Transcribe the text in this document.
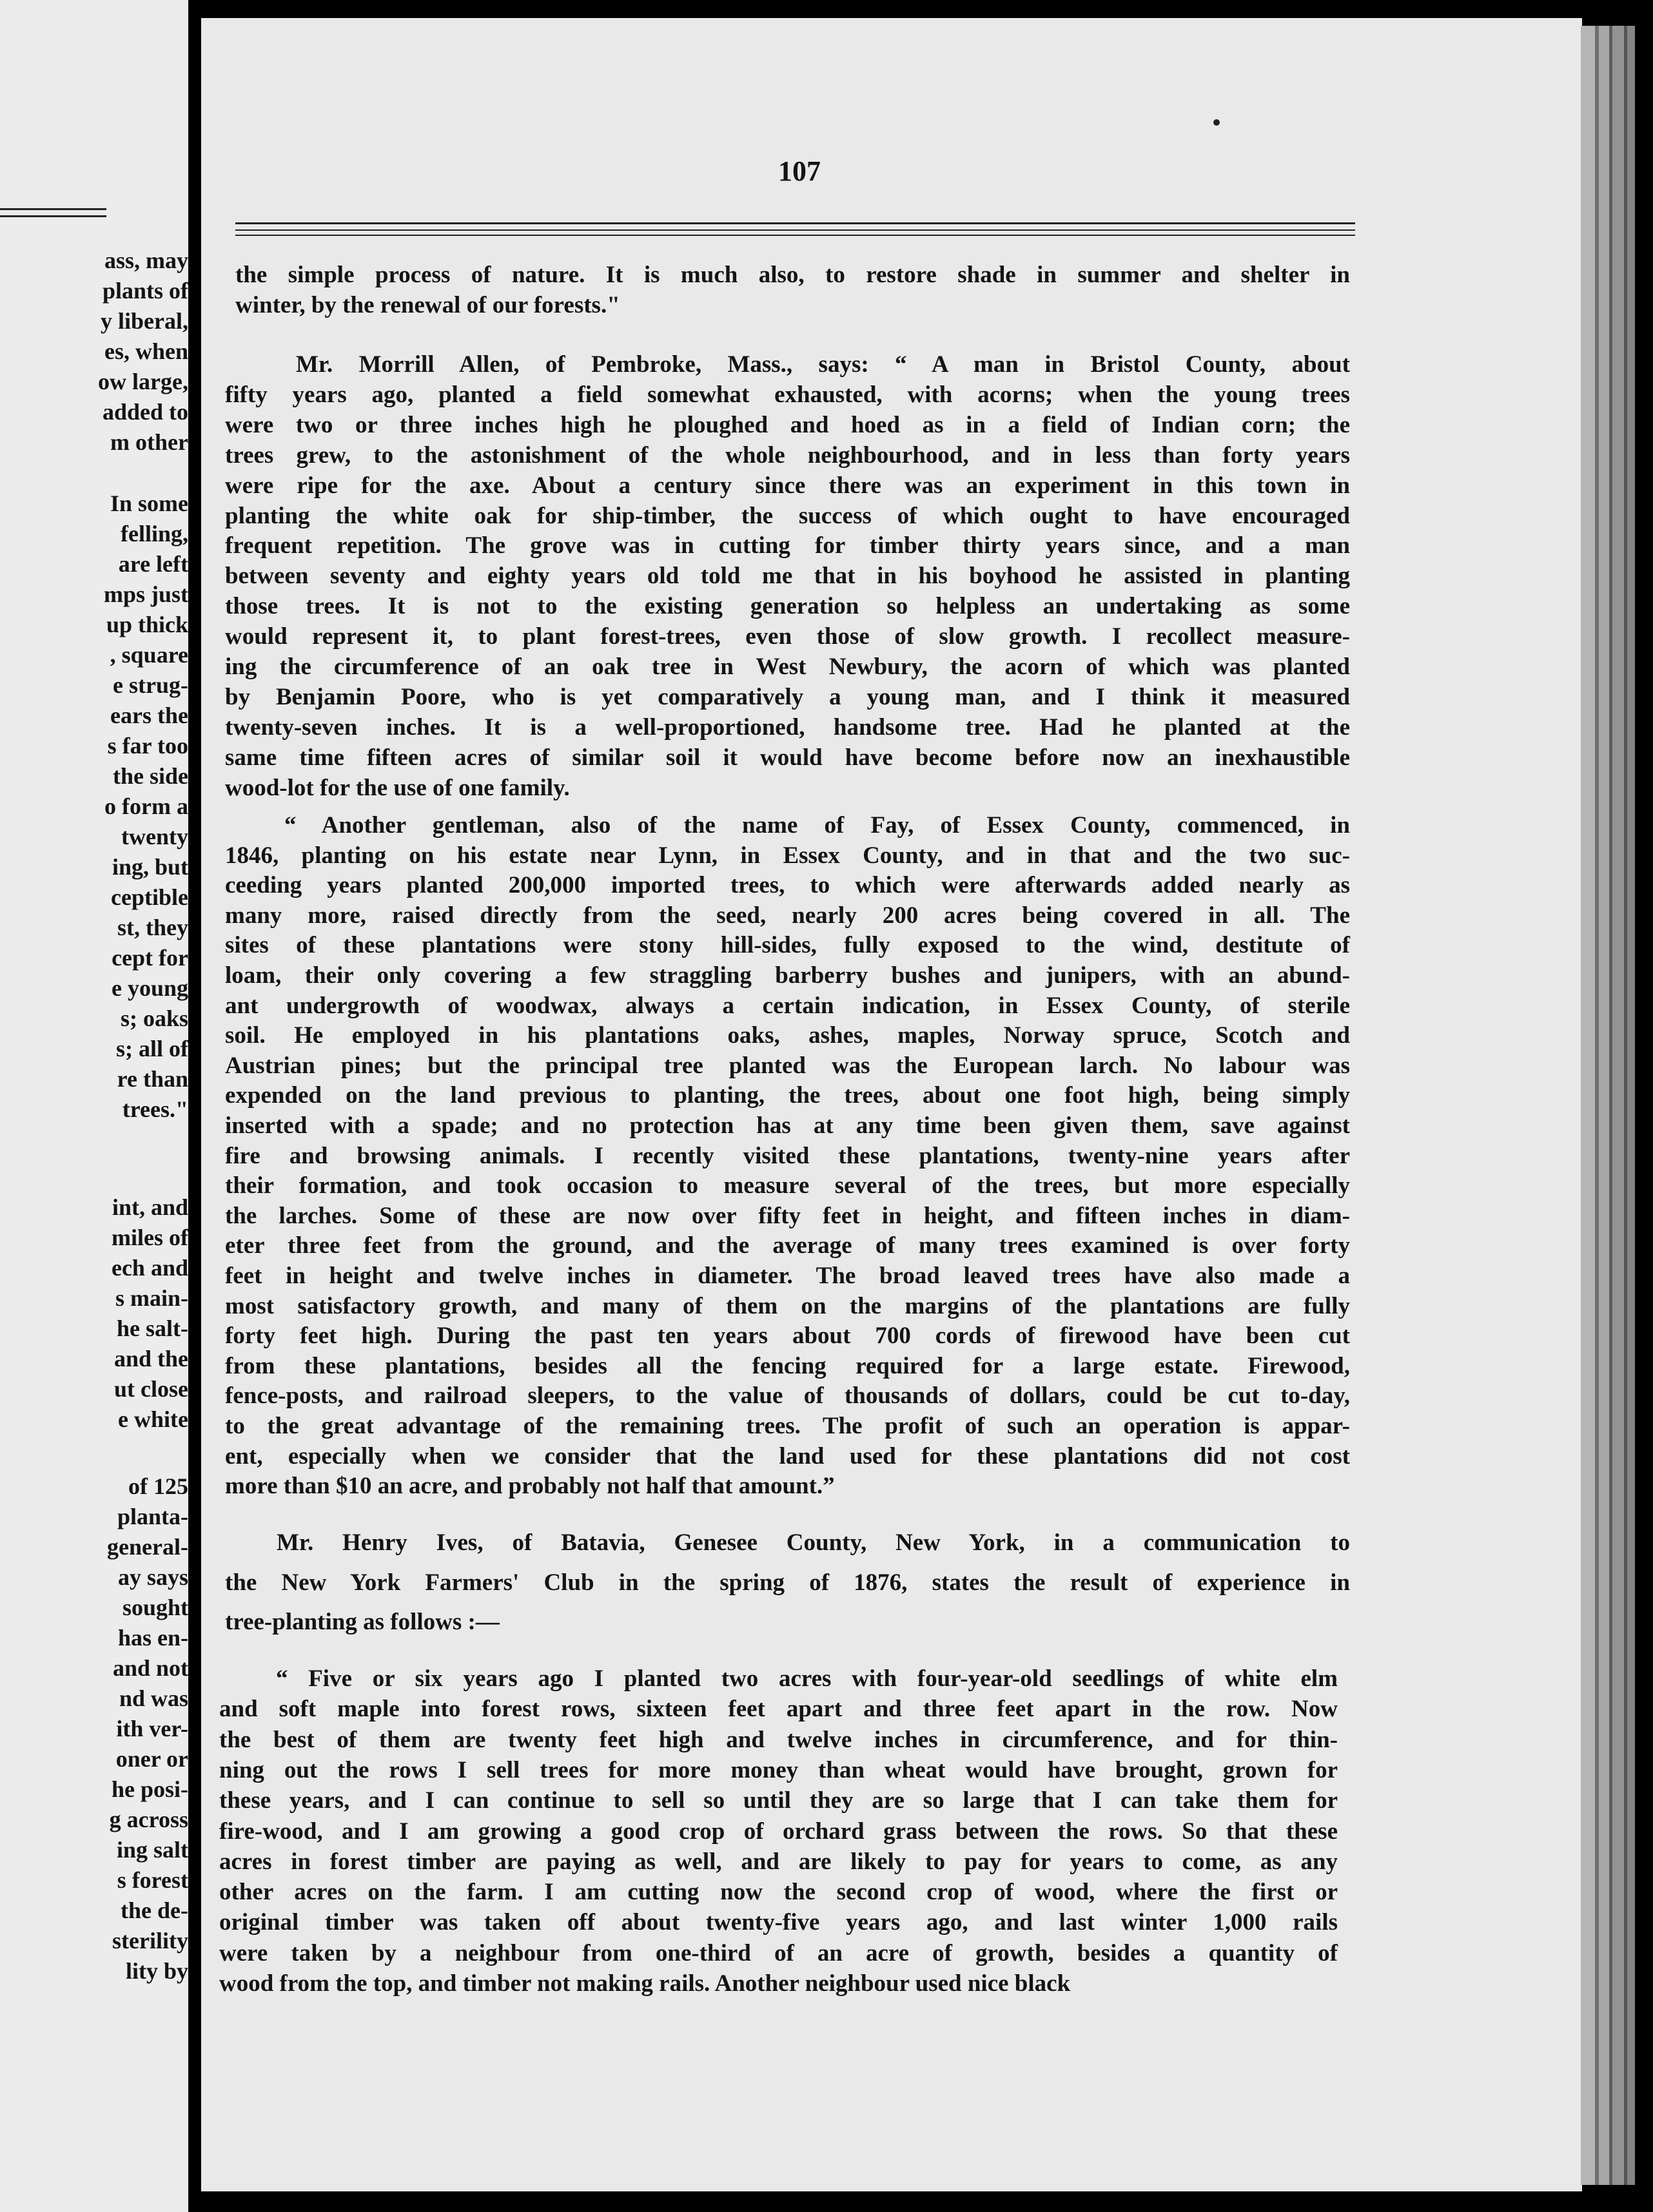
ass, may
plants of
y liberal,
es, when
ow large,
added to
m other
In some
felling,
are left
mps just
up thick
, square
e strug-
ears the
s far too
the side
o form a
twenty
ing, but
ceptible
st, they
cept for
e young
s; oaks
s; all of
re than
trees."
int, and
miles of
ech and
s main-
he salt-
and the
ut close
e white
of 125
planta-
general-
ay says
sought
has en-
and not
nd was
ith ver-
oner or
he posi-
g across
ing salt
s forest
the de-
sterility
lity by
107
the simple process of nature. It is much also, to restore shade in summer and shelter in
winter, by the renewal of our forests."
Mr. Morrill Allen, of Pembroke, Mass., says: “ A man in Bristol County, about
fifty years ago, planted a field somewhat exhausted, with acorns; when the young trees
were two or three inches high he ploughed and hoed as in a field of Indian corn; the
trees grew, to the astonishment of the whole neighbourhood, and in less than forty years
were ripe for the axe. About a century since there was an experiment in this town in
planting the white oak for ship-timber, the success of which ought to have encouraged
frequent repetition. The grove was in cutting for timber thirty years since, and a man
between seventy and eighty years old told me that in his boyhood he assisted in planting
those trees. It is not to the existing generation so helpless an undertaking as some
would represent it, to plant forest-trees, even those of slow growth. I recollect measure-
ing the circumference of an oak tree in West Newbury, the acorn of which was planted
by Benjamin Poore, who is yet comparatively a young man, and I think it measured
twenty-seven inches. It is a well-proportioned, handsome tree. Had he planted at the
same time fifteen acres of similar soil it would have become before now an inexhaustible
wood-lot for the use of one family.
“ Another gentleman, also of the name of Fay, of Essex County, commenced, in
1846, planting on his estate near Lynn, in Essex County, and in that and the two suc-
ceeding years planted 200,000 imported trees, to which were afterwards added nearly as
many more, raised directly from the seed, nearly 200 acres being covered in all. The
sites of these plantations were stony hill-sides, fully exposed to the wind, destitute of
loam, their only covering a few straggling barberry bushes and junipers, with an abund-
ant undergrowth of woodwax, always a certain indication, in Essex County, of sterile
soil. He employed in his plantations oaks, ashes, maples, Norway spruce, Scotch and
Austrian pines; but the principal tree planted was the European larch. No labour was
expended on the land previous to planting, the trees, about one foot high, being simply
inserted with a spade; and no protection has at any time been given them, save against
fire and browsing animals. I recently visited these plantations, twenty-nine years after
their formation, and took occasion to measure several of the trees, but more especially
the larches. Some of these are now over fifty feet in height, and fifteen inches in diam-
eter three feet from the ground, and the average of many trees examined is over forty
feet in height and twelve inches in diameter. The broad leaved trees have also made a
most satisfactory growth, and many of them on the margins of the plantations are fully
forty feet high. During the past ten years about 700 cords of firewood have been cut
from these plantations, besides all the fencing required for a large estate. Firewood,
fence-posts, and railroad sleepers, to the value of thousands of dollars, could be cut to-day,
to the great advantage of the remaining trees. The profit of such an operation is appar-
ent, especially when we consider that the land used for these plantations did not cost
more than $10 an acre, and probably not half that amount.”
Mr. Henry Ives, of Batavia, Genesee County, New York, in a communication to
the New York Farmers' Club in the spring of 1876, states the result of experience in
tree-planting as follows :—
“ Five or six years ago I planted two acres with four-year-old seedlings of white elm
and soft maple into forest rows, sixteen feet apart and three feet apart in the row. Now
the best of them are twenty feet high and twelve inches in circumference, and for thin-
ning out the rows I sell trees for more money than wheat would have brought, grown for
these years, and I can continue to sell so until they are so large that I can take them for
fire-wood, and I am growing a good crop of orchard grass between the rows. So that these
acres in forest timber are paying as well, and are likely to pay for years to come, as any
other acres on the farm. I am cutting now the second crop of wood, where the first or
original timber was taken off about twenty-five years ago, and last winter 1,000 rails
were taken by a neighbour from one-third of an acre of growth, besides a quantity of
wood from the top, and timber not making rails. Another neighbour used nice black
